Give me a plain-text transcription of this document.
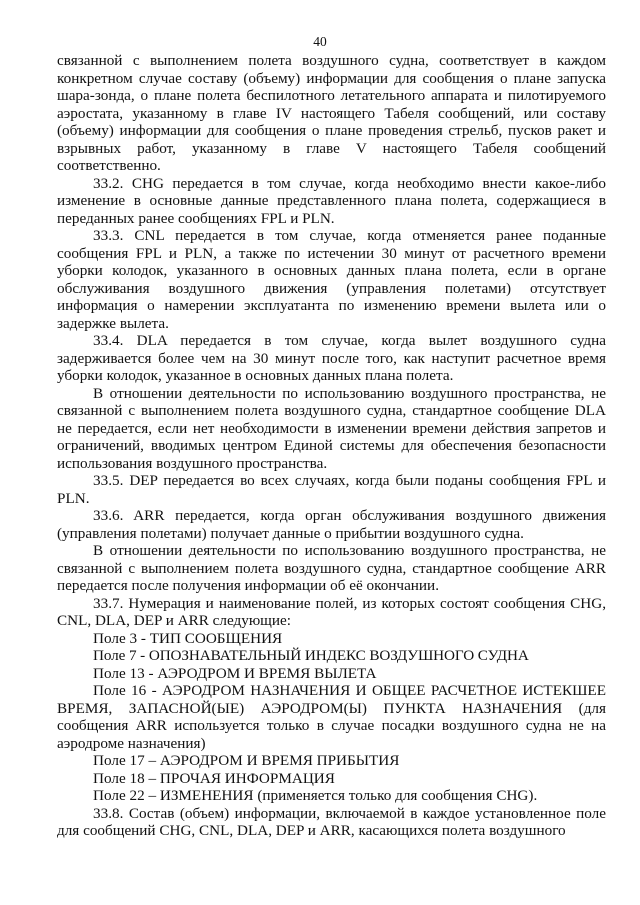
40

связанной с выполнением полета воздушного судна, соответствует в каждом конкретном случае составу (объему) информации для сообщения о плане запуска шара-зонда, о плане полета беспилотного летательного аппарата и пилотируемого аэростата, указанному в главе IV настоящего Табеля сообщений, или составу (объему) информации для сообщения о плане проведения стрельб, пусков ракет и взрывных работ, указанному в главе V настоящего Табеля сообщений соответственно.

33.2. CHG передается в том случае, когда необходимо внести какое-либо изменение в основные данные представленного плана полета, содержащиеся в переданных ранее сообщениях FPL и PLN.

33.3. CNL передается в том случае, когда отменяется ранее поданные сообщения FPL и PLN, а также по истечении 30 минут от расчетного времени уборки колодок, указанного в основных данных плана полета, если в органе обслуживания воздушного движения (управления полетами) отсутствует информация о намерении эксплуатанта по изменению времени вылета или о задержке вылета.

33.4. DLA передается в том случае, когда вылет воздушного судна задерживается более чем на 30 минут после того, как наступит расчетное время уборки колодок, указанное в основных данных плана полета.

В отношении деятельности по использованию воздушного пространства, не связанной с выполнением полета воздушного судна, стандартное сообщение DLA не передается, если нет необходимости в изменении времени действия запретов и ограничений, вводимых центром Единой системы для обеспечения безопасности использования воздушного пространства.

33.5. DEP передается во всех случаях, когда были поданы сообщения FPL и PLN.

33.6. ARR передается, когда орган обслуживания воздушного движения (управления полетами) получает данные о прибытии воздушного судна.

В отношении деятельности по использованию воздушного пространства, не связанной с выполнением полета воздушного судна, стандартное сообщение ARR передается после получения информации об её окончании.

33.7. Нумерация и наименование полей, из которых состоят сообщения CHG, CNL, DLA, DEP и ARR следующие:

Поле 3 - ТИП СООБЩЕНИЯ

Поле 7 - ОПОЗНАВАТЕЛЬНЫЙ ИНДЕКС ВОЗДУШНОГО СУДНА

Поле 13 - АЭРОДРОМ И ВРЕМЯ ВЫЛЕТА

Поле 16 - АЭРОДРОМ НАЗНАЧЕНИЯ И ОБЩЕЕ РАСЧЕТНОЕ ИСТЕКШЕЕ ВРЕМЯ, ЗАПАСНОЙ(ЫЕ) АЭРОДРОМ(Ы) ПУНКТА НАЗНАЧЕНИЯ (для сообщения ARR используется только в случае посадки воздушного судна не на аэродроме назначения)

Поле 17 – АЭРОДРОМ И ВРЕМЯ ПРИБЫТИЯ

Поле 18 – ПРОЧАЯ ИНФОРМАЦИЯ

Поле 22 – ИЗМЕНЕНИЯ (применяется только для сообщения CHG).

33.8. Состав (объем) информации, включаемой в каждое установленное поле для сообщений CHG, CNL, DLA, DEP и ARR, касающихся полета воздушного
